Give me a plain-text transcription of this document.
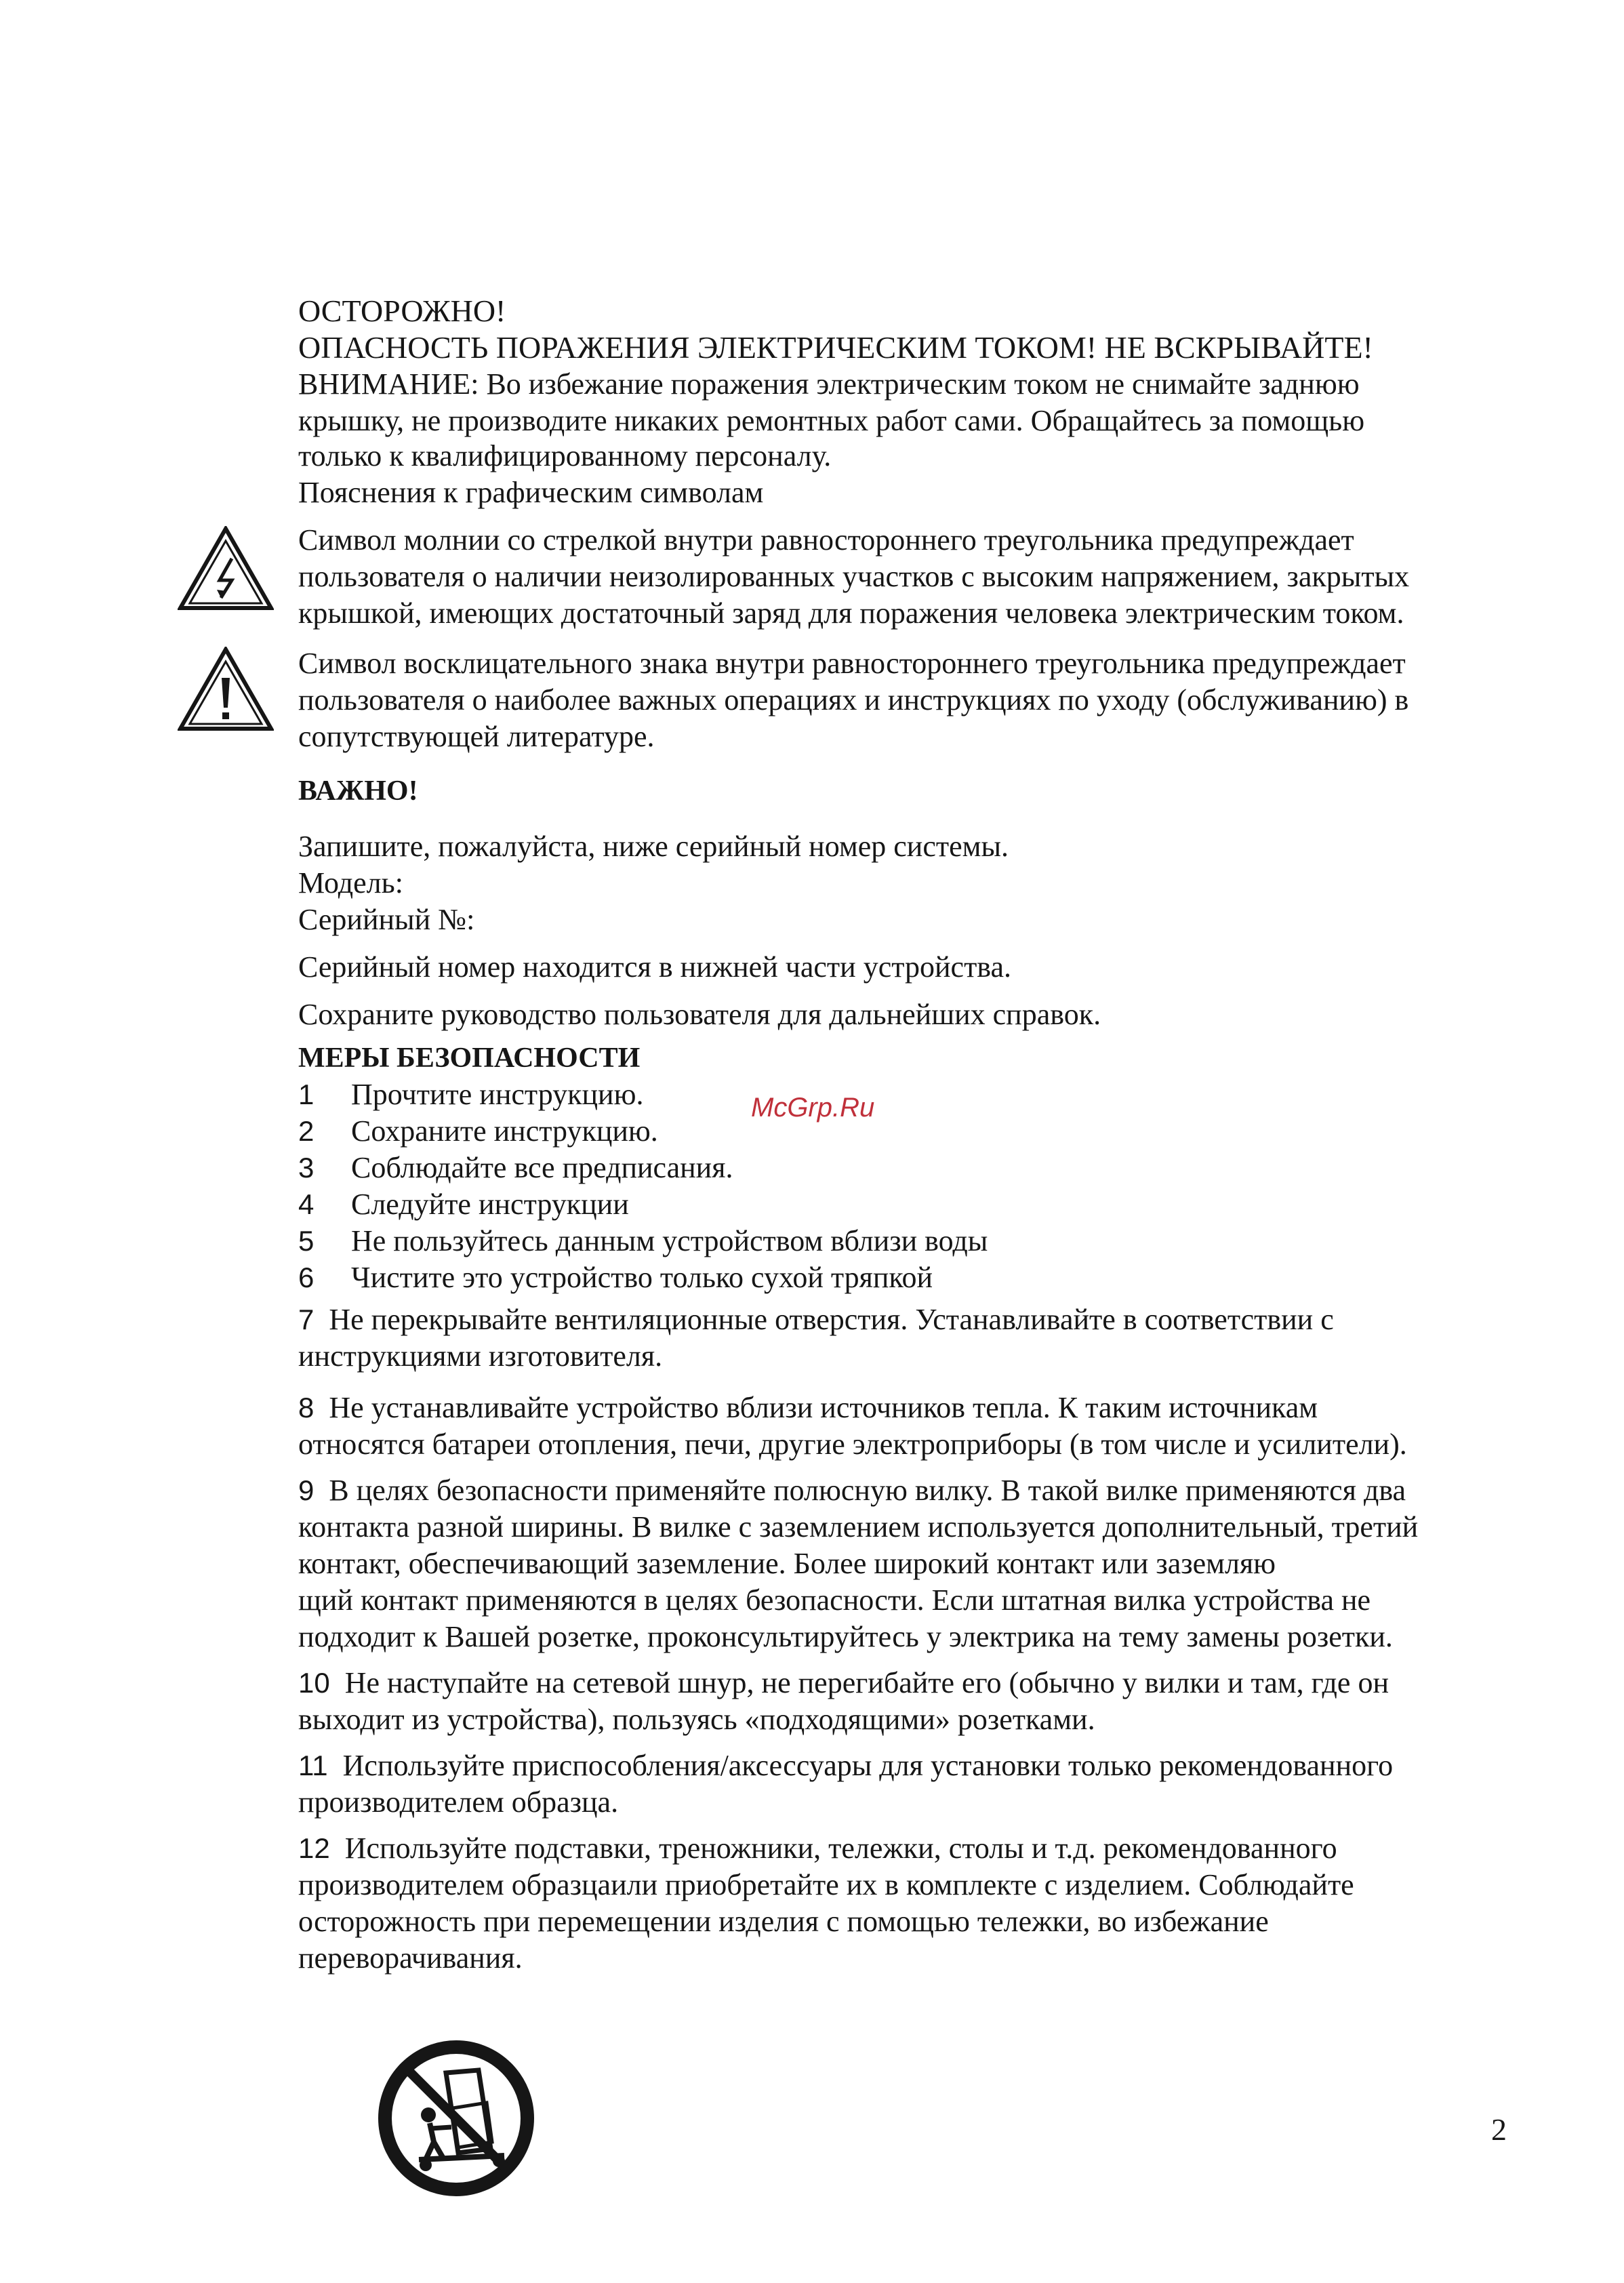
ОСТОРОЖНО!
ОПАСНОСТЬ ПОРАЖЕНИЯ ЭЛЕКТРИЧЕСКИМ ТОКОМ! НЕ ВСКРЫВАЙТЕ!
ВНИМАНИЕ: Во избежание поражения электрическим током не снимайте заднюю
крышку, не производите никаких ремонтных работ сами. Обращайтесь за помощью
только к квалифицированному персоналу.
Пояснения к графическим символам
Символ молнии со стрелкой внутри равностороннего треугольника предупреждает
пользователя о наличии неизолированных участков с высоким напряжением, закрытых
крышкой, имеющих достаточный заряд для поражения человека электрическим током.
Символ восклицательного знака внутри равностороннего треугольника предупреждает
пользователя о наиболее важных операциях и инструкциях по уходу (обслуживанию) в
сопутствующей литературе.
ВАЖНО!
Запишите, пожалуйста, ниже серийный номер системы.
Модель:
Серийный №:
Серийный номер находится в нижней части устройства.
Сохраните руководство пользователя для дальнейших справок.
МЕРЫ БЕЗОПАСНОСТИ
1 Прочтите инструкцию.
2 Сохраните инструкцию.
3 Соблюдайте все предписания.
4 Следуйте инструкции
5 Не пользуйтесь данным устройством вблизи воды
6 Чистите это устройство только сухой тряпкой
7 Не перекрывайте вентиляционные отверстия. Устанавливайте в соответствии с
инструкциями изготовителя.
8 Не устанавливайте устройство вблизи источников тепла. К таким источникам
относятся батареи отопления, печи, другие электроприборы (в том числе и усилители).
9 В целях безопасности применяйте полюсную вилку. В такой вилке применяются два
контакта разной ширины. В вилке с заземлением используется дополнительный, третий
контакт, обеспечивающий заземление. Более широкий контакт или заземляю
щий контакт применяются в целях безопасности. Если штатная вилка устройства не
подходит к Вашей розетке, проконсультируйтесь у электрика на тему замены розетки.
10 Не наступайте на сетевой шнур, не перегибайте его (обычно у вилки и там, где он
выходит из устройства), пользуясь «подходящими» розетками.
11 Используйте приспособления/аксессуары для установки только рекомендованного
производителем образца.
12 Используйте подставки, треножники, тележки, столы и т.д. рекомендованного
производителем образцаили приобретайте их в комплекте с изделием. Соблюдайте
осторожность при перемещении изделия с помощью тележки, во избежание
переворачивания.
McGrp.Ru
2
